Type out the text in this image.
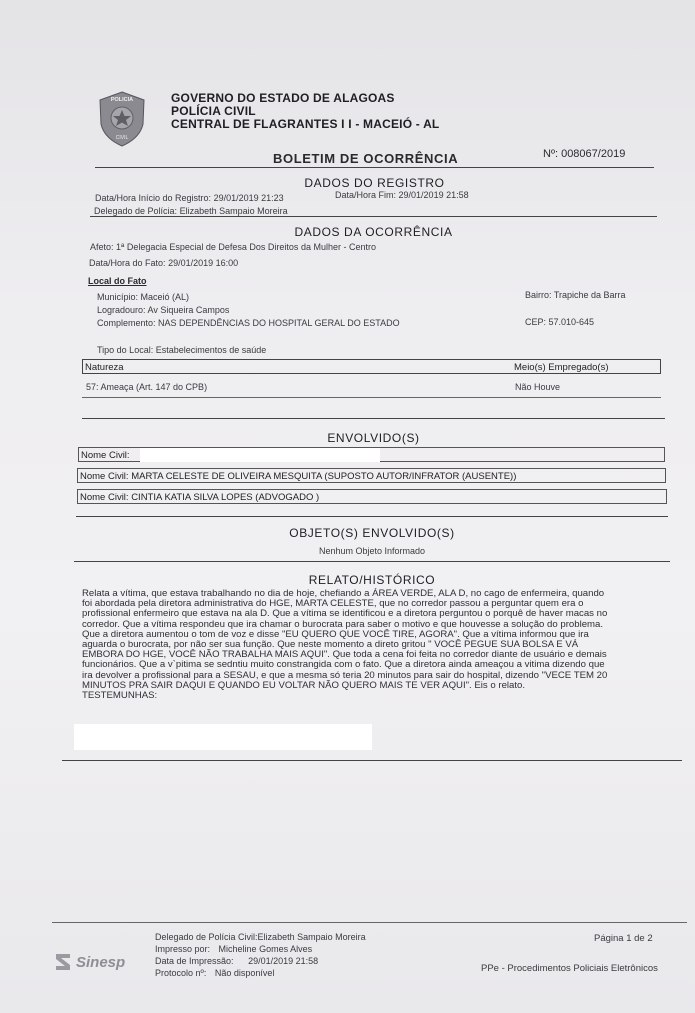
POLICIA
CIVIL
GOVERNO DO ESTADO DE ALAGOAS
POLÍCIA CIVIL
CENTRAL DE FLAGRANTES I I - MACEIÓ - AL
BOLETIM DE OCORRÊNCIA	Nº: 008067/2019
DADOS DO REGISTRO
Data/Hora Início do Registro: 29/01/2019 21:23	Data/Hora Fim: 29/01/2019 21:58
Delegado de Polícia: Elizabeth Sampaio Moreira
DADOS DA OCORRÊNCIA
Afeto: 1ª Delegacia Especial de Defesa Dos Direitos da Mulher - Centro
Data/Hora do Fato: 29/01/2019 16:00
Local do Fato
Município: Maceió (AL)
Logradouro: Av Siqueira Campos
Complemento: NAS DEPENDÊNCIAS DO HOSPITAL GERAL DO ESTADO
Bairro: Trapiche da Barra
CEP: 57.010-645
Tipo do Local: Estabelecimentos de saúde
Natureza	Meio(s) Empregado(s)
57: Ameaça (Art. 147 do CPB)	Não Houve
ENVOLVIDO(S)
Nome Civil:
Nome Civil: MARTA CELESTE DE OLIVEIRA MESQUITA (SUPOSTO AUTOR/INFRATOR (AUSENTE))
Nome Civil: CINTIA KATIA SILVA LOPES (ADVOGADO )
OBJETO(S) ENVOLVIDO(S)
Nenhum Objeto Informado
RELATO/HISTÓRICO
Relata a vítima, que estava trabalhando no dia de hoje, chefiando a ÁREA VERDE, ALA D, no cago de enfermeira, quando
foi abordada pela diretora administrativa do HGE, MARTA CELESTE, que no corredor passou a perguntar quem era o
profissional enfermeiro que estava na ala D. Que a vítima se identificou e a diretora perguntou o porquê de haver macas no
corredor. Que a vítima respondeu que ira chamar o burocrata para saber o motivo e que houvesse a solução do problema.
Que a diretora aumentou o tom de voz e disse "EU QUERO QUE VOCÊ TIRE, AGORA". Que a vítima informou que ira
aguarda o burocrata, por não ser sua função. Que neste momento a direto gritou " VOCÊ PEGUE SUA BOLSA E VÁ
EMBORA DO HGE, VOCÊ NÃO TRABALHA MAIS AQUI". Que toda a cena foi feita no corredor diante de usuário e demais
funcionários. Que a v`pitima se sedntiu muito constrangida com o fato. Que a diretora ainda ameaçou a vitima dizendo que
ira devolver a profissional para a SESAU, e que a mesma só teria 20 minutos para sair do hospital, dizendo "VECE TEM 20
MINUTOS PRA SAIR DAQUI E QUANDO EU VOLTAR NÃO QUERO MAIS TE VER AQUI". Eis o relato.
TESTEMUNHAS:
Sinesp
Delegado de Polícia Civil:Elizabeth Sampaio Moreira
Impresso por: Micheline Gomes Alves
Data de Impressão: 29/01/2019 21:58
Protocolo nº: Não disponível
Página 1 de 2
PPe - Procedimentos Policiais Eletrônicos
